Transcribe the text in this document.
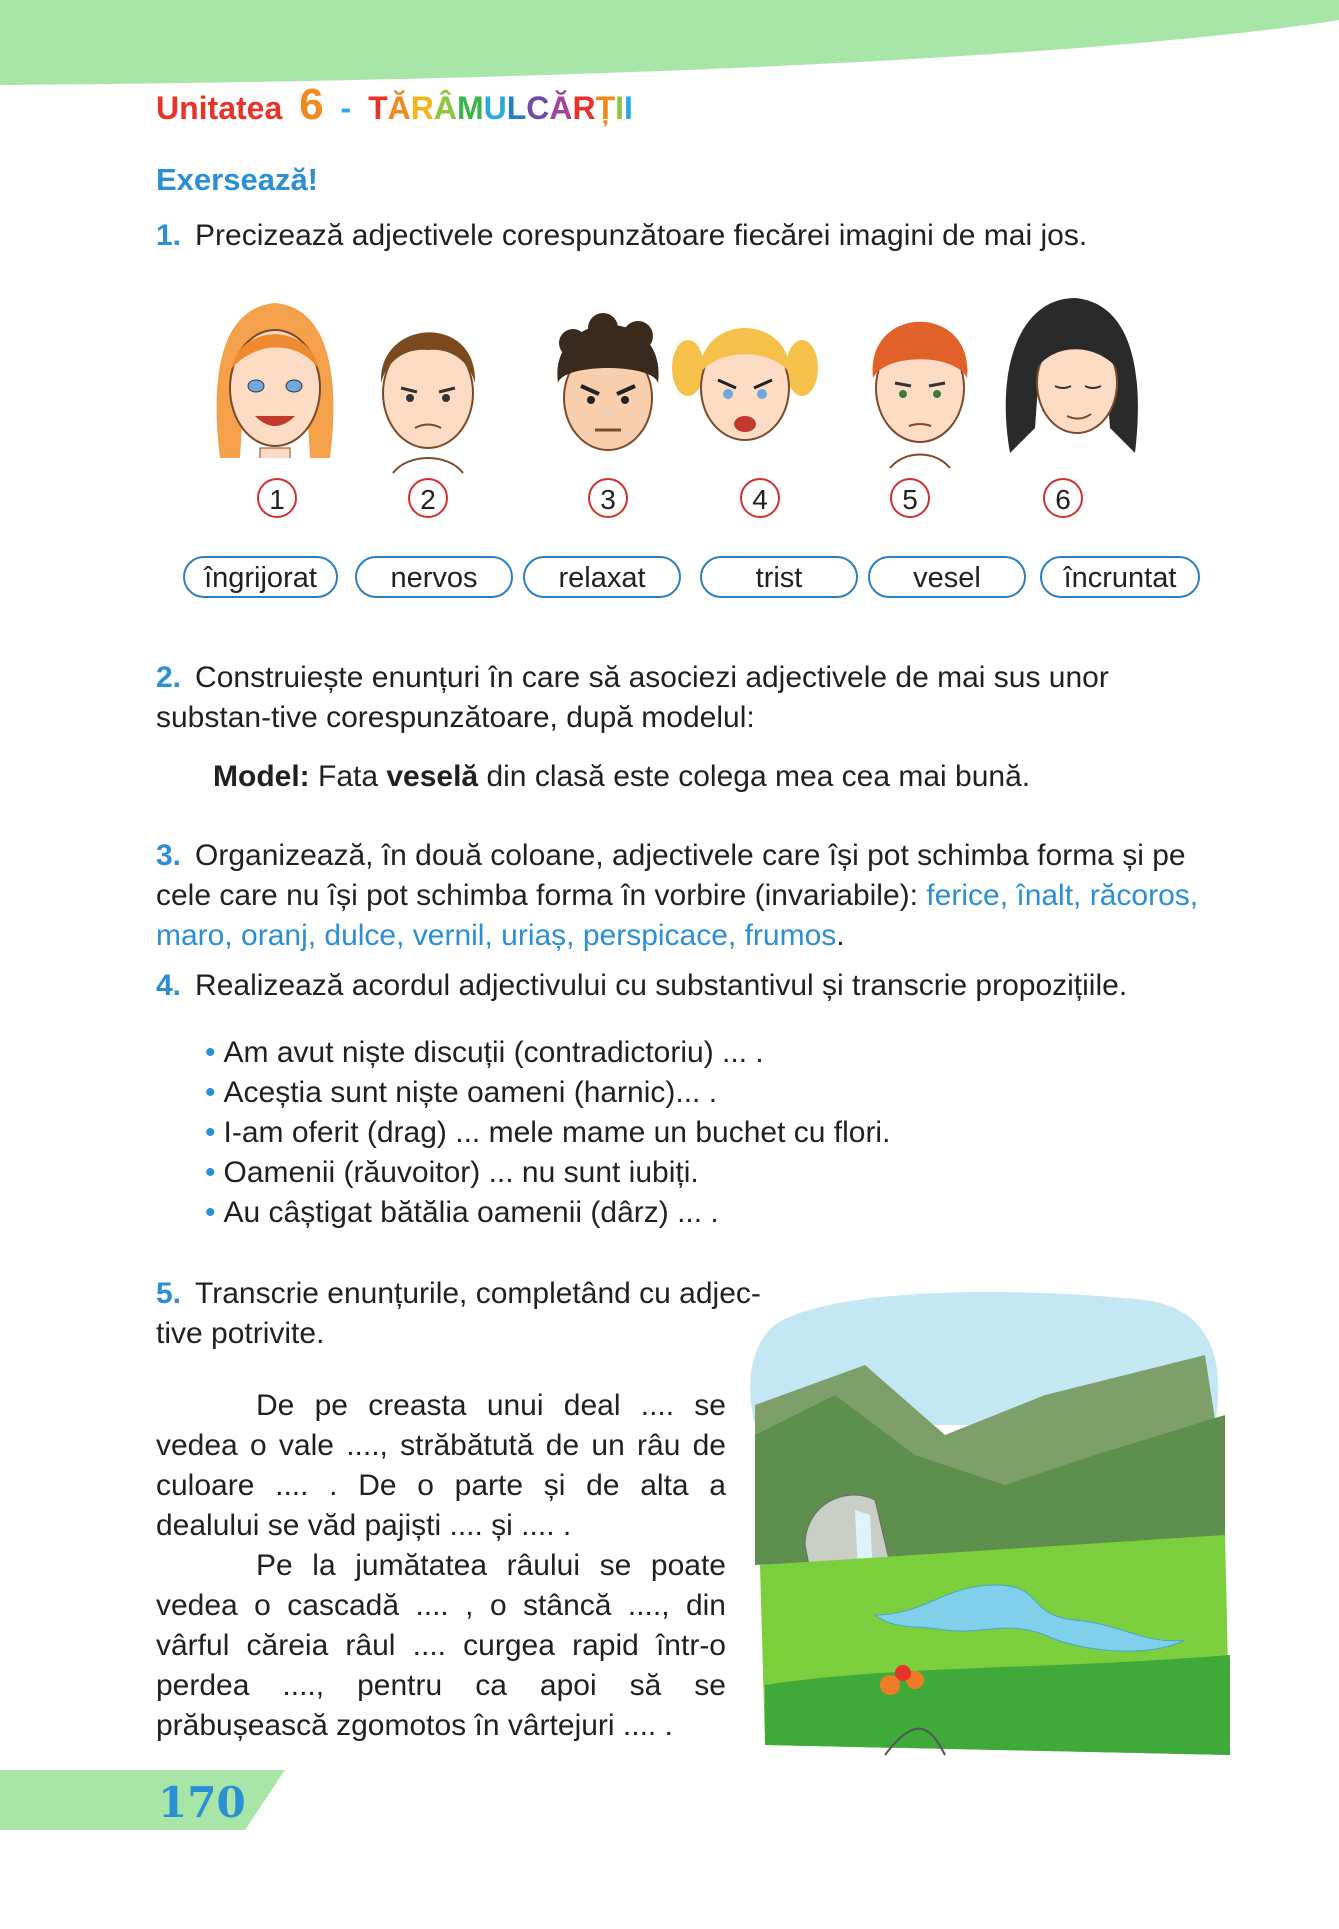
Unitatea 6 - TĂRÂMULCĂRȚII
Exersează!
1. Precizează adjectivele corespunzătoare fiecărei imagini de mai jos.
1	2	3	4	5	6
îngrijorat	nervos	relaxat	trist	vesel	încruntat
2. Construiește enunțuri în care să asociezi adjectivele de mai sus unor substan-tive corespunzătoare, după modelul:
Model: Fata veselă din clasă este colega mea cea mai bună.
3. Organizează, în două coloane, adjectivele care își pot schimba forma și pe cele care nu își pot schimba forma în vorbire (invariabile): ferice, înalt, răcoros, maro, oranj, dulce, vernil, uriaș, perspicace, frumos.
4. Realizează acordul adjectivului cu substantivul și transcrie propozițiile.
• Am avut niște discuții (contradictoriu) ... .
• Aceștia sunt niște oameni (harnic)... .
• I-am oferit (drag) ... mele mame un buchet cu flori.
• Oamenii (răuvoitor) ... nu sunt iubiți.
• Au câștigat bătălia oamenii (dârz) ... .
5. Transcrie enunțurile, completând cu adjec-tive potrivite.

De pe creasta unui deal .... se vedea o vale ...., străbătută de un râu de culoare .... . De o parte și de alta a dealului se văd pajiști .... și .... .

Pe la jumătatea râului se poate vedea o cascadă .... , o stâncă ...., din vârful căreia râul .... curgea rapid într-o perdea ...., pentru ca apoi să se prăbușească zgomotos în vârtejuri .... .

170
